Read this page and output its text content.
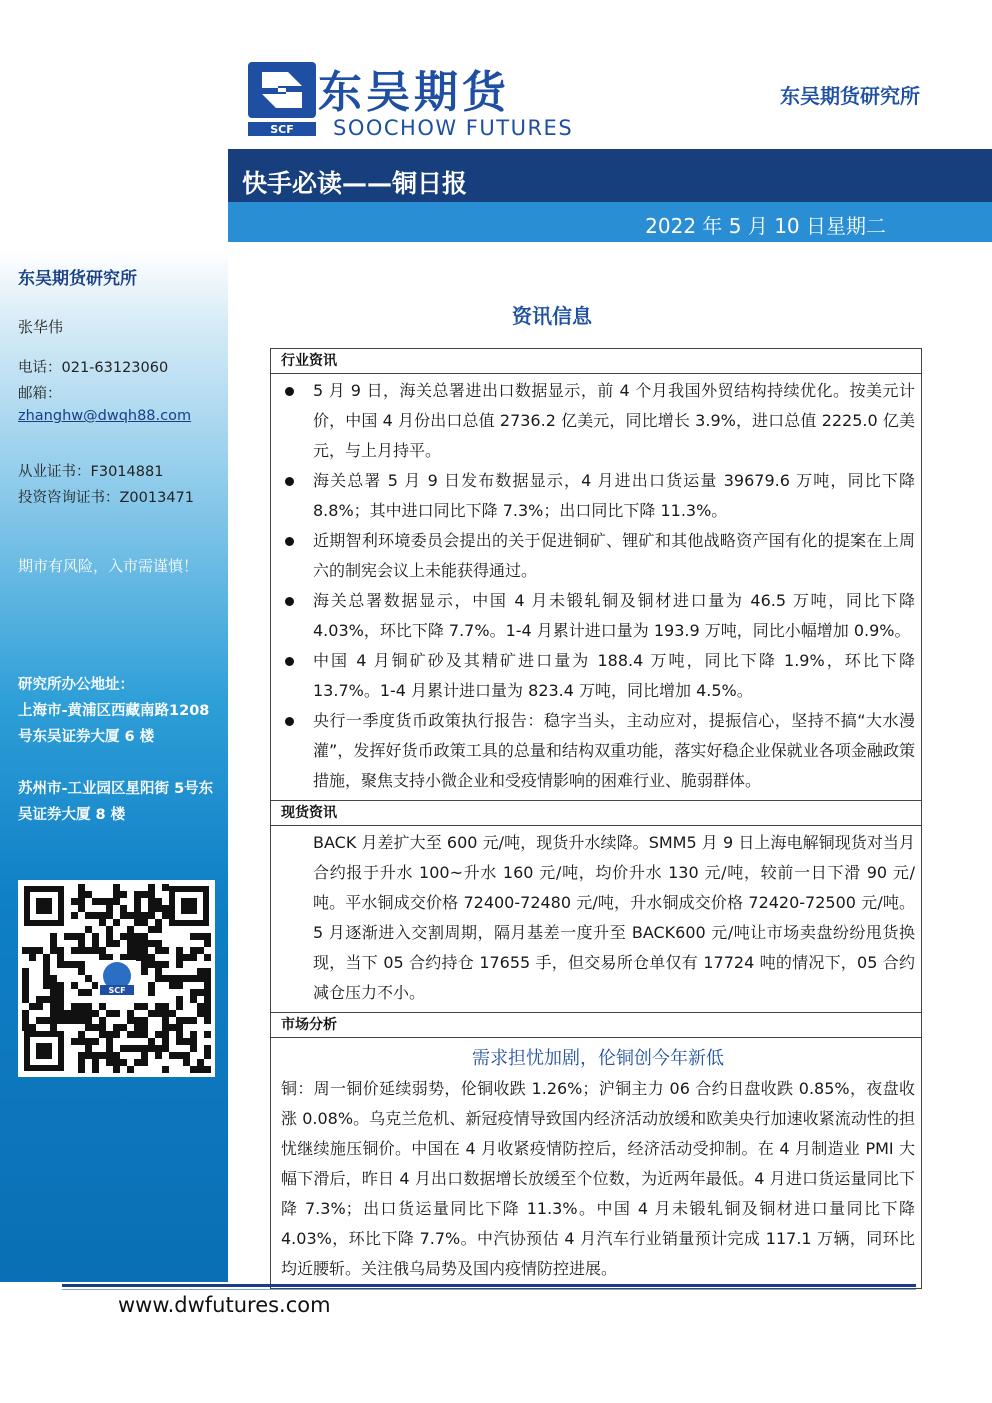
东吴期货研究所
张华伟
电话：021-63123060
邮箱：
zhanghw@dwqh88.com
从业证书：F3014881
投资咨询证书：Z0013471
期市有风险，入市需谨慎！
研究所办公地址：
上海市-黄浦区西藏南路1208 号东吴证券大厦 6 楼
苏州市-工业园区星阳街 5号东吴证券大厦 8 楼
SCF
SCF
东吴期货
SOOCHOW FUTURES
东吴期货研究所
快手必读——铜日报
2022 年 5 月 10 日星期二
资讯信息
行业资讯
5 月 9 日，海关总署进出口数据显示，前 4 个月我国外贸结构持续优化。按美元计价，中国 4 月份出口总值 2736.2 亿美元，同比增长 3.9%，进口总值 2225.0 亿美元，与上月持平。
海关总署 5 月 9 日发布数据显示，4 月进出口货运量 39679.6 万吨，同比下降 8.8%；其中进口同比下降 7.3%；出口同比下降 11.3%。
近期智利环境委员会提出的关于促进铜矿、锂矿和其他战略资产国有化的提案在上周六的制宪会议上未能获得通过。
海关总署数据显示，中国 4 月未锻轧铜及铜材进口量为 46.5 万吨，同比下降 4.03%，环比下降 7.7%。1-4 月累计进口量为 193.9 万吨，同比小幅增加 0.9%。
中国 4 月铜矿砂及其精矿进口量为 188.4 万吨，同比下降 1.9%，环比下降 13.7%。1-4 月累计进口量为 823.4 万吨，同比增加 4.5%。
央行一季度货币政策执行报告：稳字当头，主动应对，提振信心，坚持不搞“大水漫灌”，发挥好货币政策工具的总量和结构双重功能，落实好稳企业保就业各项金融政策措施，聚焦支持小微企业和受疫情影响的困难行业、脆弱群体。
现货资讯
BACK 月差扩大至 600 元/吨，现货升水续降。SMM5 月 9 日上海电解铜现货对当月合约报于升水 100~升水 160 元/吨，均价升水 130 元/吨，较前一日下滑 90 元/吨。平水铜成交价格 72400-72480 元/吨，升水铜成交价格 72420-72500 元/吨。5 月逐渐进入交割周期，隔月基差一度升至 BACK600 元/吨让市场卖盘纷纷甩货换现，当下 05 合约持仓 17655 手，但交易所仓单仅有 17724 吨的情况下，05 合约减仓压力不小。
市场分析
需求担忧加剧，伦铜创今年新低
铜：周一铜价延续弱势，伦铜收跌 1.26%；沪铜主力 06 合约日盘收跌 0.85%，夜盘收涨 0.08%。乌克兰危机、新冠疫情导致国内经济活动放缓和欧美央行加速收紧流动性的担忧继续施压铜价。中国在 4 月收紧疫情防控后，经济活动受抑制。在 4 月制造业 PMI 大幅下滑后，昨日 4 月出口数据增长放缓至个位数，为近两年最低。4 月进口货运量同比下降 7.3%；出口货运量同比下降 11.3%。中国 4 月未锻轧铜及铜材进口量同比下降 4.03%，环比下降 7.7%。中汽协预估 4 月汽车行业销量预计完成 117.1 万辆，同环比均近腰斩。关注俄乌局势及国内疫情防控进展。
www.dwfutures.com
